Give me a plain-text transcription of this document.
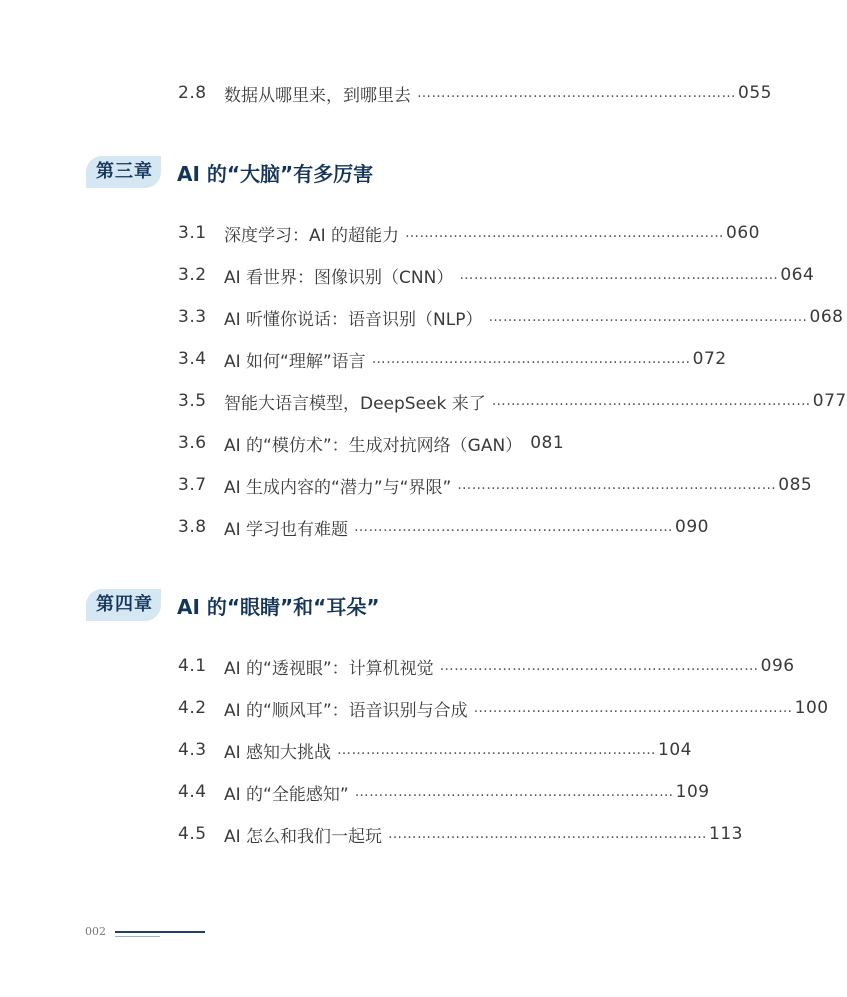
2.8	数据从哪里来，到哪里去 ………………………………………………………… 055
第三章	AI 的“大脑”有多厉害
3.1	深度学习：AI 的超能力 ………………………………………………………… 060
3.2	AI 看世界：图像识别（CNN） ………………………………………………………… 064
3.3	AI 听懂你说话：语音识别（NLP） ………………………………………………………… 068
3.4	AI 如何“理解”语言 ………………………………………………………… 072
3.5	智能大语言模型，DeepSeek 来了 ………………………………………………………… 077
3.6	AI 的“模仿术”：生成对抗网络（GAN） 081
3.7	AI 生成内容的“潜力”与“界限” ………………………………………………………… 085
3.8	AI 学习也有难题 ………………………………………………………… 090
第四章	AI 的“眼睛”和“耳朵”
4.1	AI 的“透视眼”：计算机视觉 ………………………………………………………… 096
4.2	AI 的“顺风耳”：语音识别与合成 ………………………………………………………… 100
4.3	AI 感知大挑战 ………………………………………………………… 104
4.4	AI 的“全能感知” ………………………………………………………… 109
4.5	AI 怎么和我们一起玩 ………………………………………………………… 113
002
